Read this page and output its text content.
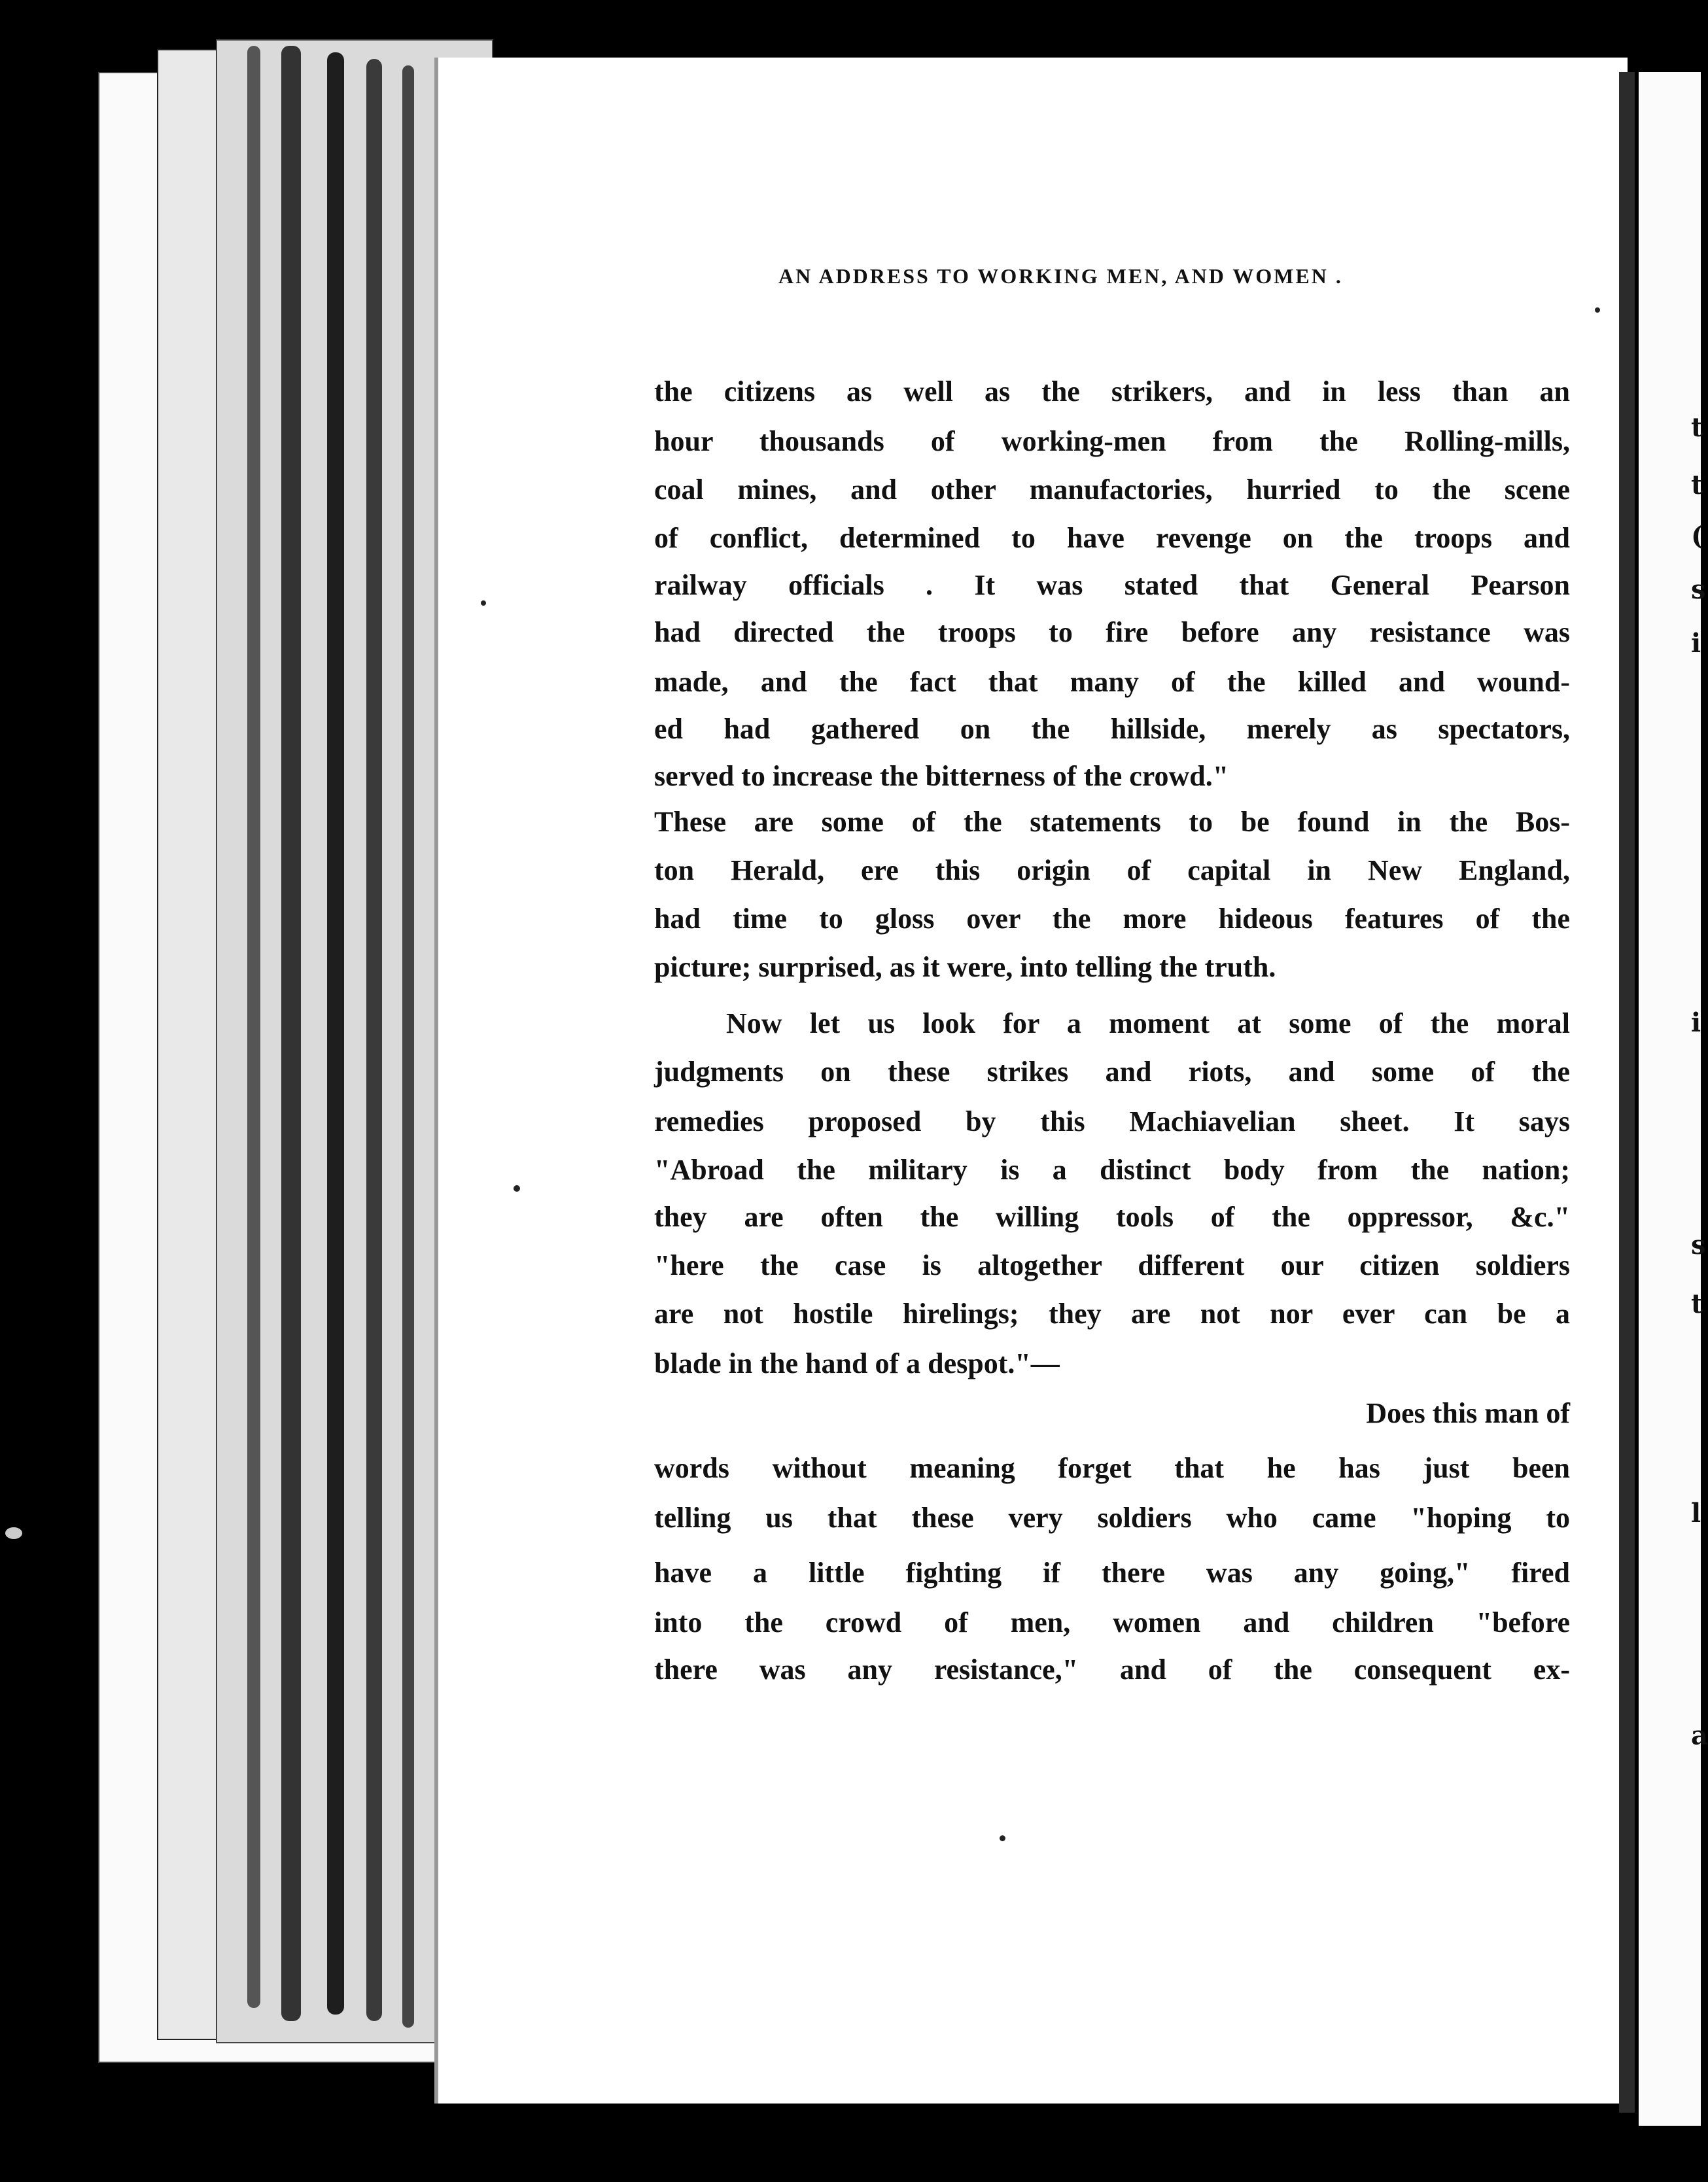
t
t
(
s
i
i
s
t
l
a
AN ADDRESS TO WORKING MEN, AND WOMEN .
the citizens as well as the strikers, and in less than an
hour thousands of working-men from the Rolling-mills,
coal mines, and other manufactories, hurried to the scene
of conflict, determined to have revenge on the troops and
railway officials . It was stated that General Pearson
had directed the troops to fire before any resistance was
made, and the fact that many of the killed and wound-
ed had gathered on the hillside, merely as spectators,
served to increase the bitterness of the crowd."
These are some of the statements to be found in the Bos-
ton Herald, ere this origin of capital in New England,
had time to gloss over the more hideous features of the
picture; surprised, as it were, into telling the truth.
Now let us look for a moment at some of the moral
judgments on these strikes and riots, and some of the
remedies proposed by this Machiavelian sheet. It says
"Abroad the military is a distinct body from the nation;
they are often the willing tools of the oppressor, &c."
"here the case is altogether different our citizen soldiers
are not hostile hirelings; they are not nor ever can be a
blade in the hand of a despot."—
Does this man of
words without meaning forget that he has just been
telling us that these very soldiers who came "hoping to
have a little fighting if there was any going," fired
into the crowd of men, women and children "before
there was any resistance," and of the consequent ex-
